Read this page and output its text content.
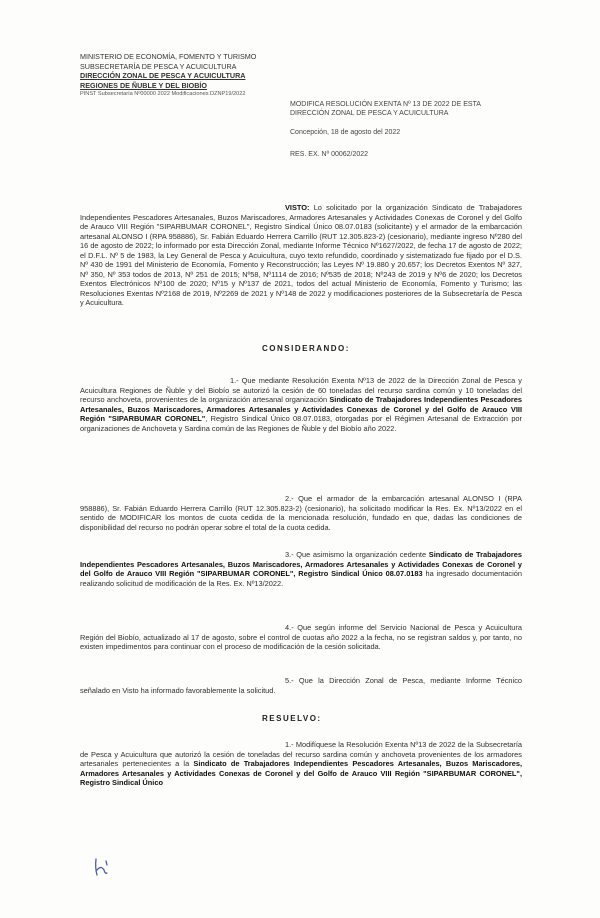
MINISTERIO DE ECONOMÍA, FOMENTO Y TURISMO
SUBSECRETARÍA DE PESCA Y ACUICULTURA
DIRECCIÓN ZONAL DE PESCA Y ACUICULTURA
REGIONES DE ÑUBLE Y DEL BIOBÍO
PINST Subsecretaría Nº00000 2022 Modificaciones DZNP19/2022
MODIFICA RESOLUCIÓN EXENTA Nº 13 DE 2022 DE ESTA
DIRECCIÓN ZONAL DE PESCA Y ACUICULTURA
Concepción, 18 de agosto del 2022
RES. EX. Nº 00062/2022
VISTO: Lo solicitado por la organización Sindicato de Trabajadores Independientes Pescadores Artesanales, Buzos Mariscadores, Armadores Artesanales y Actividades Conexas de Coronel y del Golfo de Arauco VIII Región "SIPARBUMAR CORONEL", Registro Sindical Único 08.07.0183 (solicitante) y el armador de la embarcación artesanal ALONSO I (RPA 958886), Sr. Fabián Eduardo Herrera Carrillo (RUT 12.305.823-2) (cesionario), mediante ingreso Nº280 del 16 de agosto de 2022; lo informado por esta Dirección Zonal, mediante Informe Técnico Nº1627/2022, de fecha 17 de agosto de 2022; el D.F.L. Nº 5 de 1983, la Ley General de Pesca y Acuicultura, cuyo texto refundido, coordinado y sistematizado fue fijado por el D.S. Nº 430 de 1991 del Ministerio de Economía, Fomento y Reconstrucción; las Leyes Nº 19.880 y 20.657; los Decretos Exentos Nº 327, Nº 350, Nº 353 todos de 2013, Nº 251 de 2015; Nº58, Nº1114 de 2016; Nº535 de 2018; Nº243 de 2019 y Nº6 de 2020; los Decretos Exentos Electrónicos Nº100 de 2020; Nº15 y Nº137 de 2021, todos del actual Ministerio de Economía, Fomento y Turismo; las Resoluciones Exentas Nº2168 de 2019, Nº2269 de 2021 y Nº148 de 2022 y modificaciones posteriores de la Subsecretaría de Pesca y Acuicultura.
CONSIDERANDO:
1.- Que mediante Resolución Exenta Nº13 de 2022 de la Dirección Zonal de Pesca y Acuicultura Regiones de Ñuble y del Biobío se autorizó la cesión de 60 toneladas del recurso sardina común y 10 toneladas del recurso anchoveta, provenientes de la organización artesanal organización Sindicato de Trabajadores Independientes Pescadores Artesanales, Buzos Mariscadores, Armadores Artesanales y Actividades Conexas de Coronel y del Golfo de Arauco VIII Región "SIPARBUMAR CORONEL", Registro Sindical Único 08.07.0183, otorgadas por el Régimen Artesanal de Extracción por organizaciones de Anchoveta y Sardina común de las Regiones de Ñuble y del Biobío año 2022.
2.- Que el armador de la embarcación artesanal ALONSO I (RPA 958886), Sr. Fabián Eduardo Herrera Carrillo (RUT 12.305.823-2) (cesionario), ha solicitado modificar la Res. Ex. Nº13/2022 en el sentido de MODIFICAR los montos de cuota cedida de la mencionada resolución, fundado en que, dadas las condiciones de disponibilidad del recurso no podrán operar sobre el total de la cuota cedida.
3.- Que asimismo la organización cedente Sindicato de Trabajadores Independientes Pescadores Artesanales, Buzos Mariscadores, Armadores Artesanales y Actividades Conexas de Coronel y del Golfo de Arauco VIII Región "SIPARBUMAR CORONEL", Registro Sindical Único 08.07.0183 ha ingresado documentación realizando solicitud de modificación de la Res. Ex. Nº13/2022.
4.- Que según informe del Servicio Nacional de Pesca y Acuicultura Región del Biobío, actualizado al 17 de agosto, sobre el control de cuotas año 2022 a la fecha, no se registran saldos y, por tanto, no existen impedimentos para continuar con el proceso de modificación de la cesión solicitada.
5.- Que la Dirección Zonal de Pesca, mediante Informe Técnico señalado en Visto ha informado favorablemente la solicitud.
RESUELVO:
1.- Modifíquese la Resolución Exenta Nº13 de 2022 de la Subsecretaría de Pesca y Acuicultura que autorizó la cesión de toneladas del recurso sardina común y anchoveta provenientes de los armadores artesanales pertenecientes a la Sindicato de Trabajadores Independientes Pescadores Artesanales, Buzos Mariscadores, Armadores Artesanales y Actividades Conexas de Coronel y del Golfo de Arauco VIII Región "SIPARBUMAR CORONEL", Registro Sindical Único
